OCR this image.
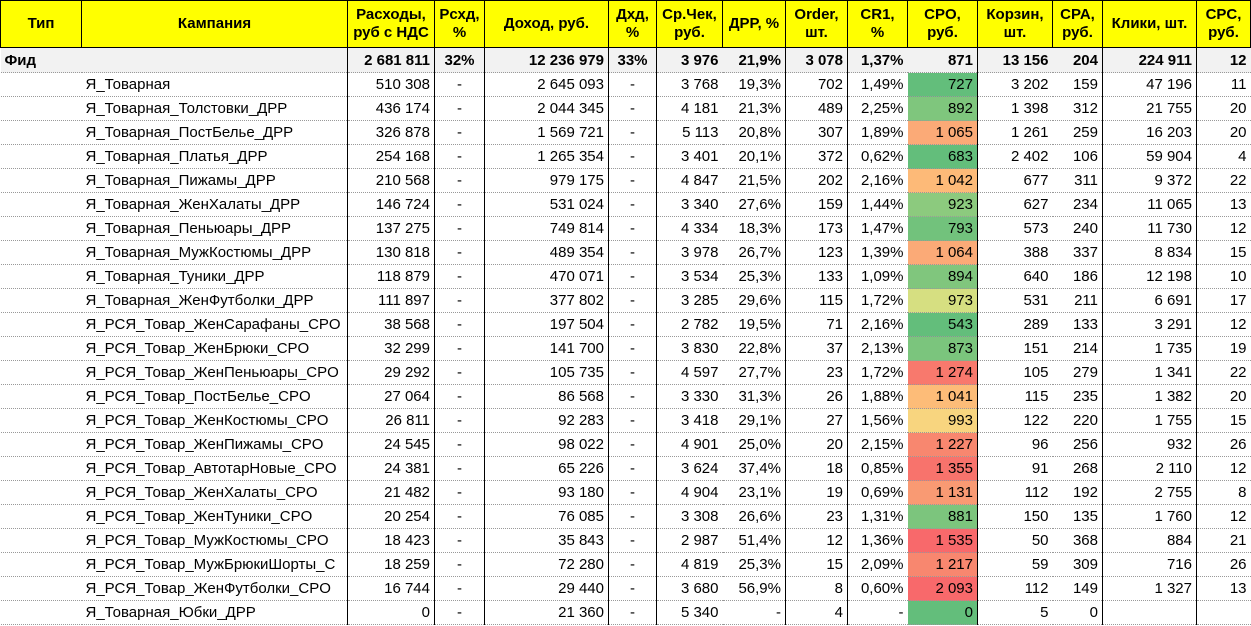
Тип	Кампания	Расходы, руб с НДС	Рсхд, %	Доход, руб.	Дхд, %	Ср.Чек, руб.	ДРР, %	Order, шт.	CR1, %	CPO, руб.	Корзин, шт.	CPA, руб.	Клики, шт.	CPC, руб.
Фид		2 681 811	32%	12 236 979	33%	3 976	21,9%	3 078	1,37%	871	13 156	204	224 911	12
	Я_Товарная	510 308	-	2 645 093	-	3 768	19,3%	702	1,49%	727	3 202	159	47 196	11
	Я_Товарная_Толстовки_ДРР	436 174	-	2 044 345	-	4 181	21,3%	489	2,25%	892	1 398	312	21 755	20
	Я_Товарная_ПостБелье_ДРР	326 878	-	1 569 721	-	5 113	20,8%	307	1,89%	1 065	1 261	259	16 203	20
	Я_Товарная_Платья_ДРР	254 168	-	1 265 354	-	3 401	20,1%	372	0,62%	683	2 402	106	59 904	4
	Я_Товарная_Пижамы_ДРР	210 568	-	979 175	-	4 847	21,5%	202	2,16%	1 042	677	311	9 372	22
	Я_Товарная_ЖенХалаты_ДРР	146 724	-	531 024	-	3 340	27,6%	159	1,44%	923	627	234	11 065	13
	Я_Товарная_Пеньюары_ДРР	137 275	-	749 814	-	4 334	18,3%	173	1,47%	793	573	240	11 730	12
	Я_Товарная_МужКостюмы_ДРР	130 818	-	489 354	-	3 978	26,7%	123	1,39%	1 064	388	337	8 834	15
	Я_Товарная_Туники_ДРР	118 879	-	470 071	-	3 534	25,3%	133	1,09%	894	640	186	12 198	10
	Я_Товарная_ЖенФутболки_ДРР	111 897	-	377 802	-	3 285	29,6%	115	1,72%	973	531	211	6 691	17
	Я_РСЯ_Товар_ЖенСарафаны_CPO	38 568	-	197 504	-	2 782	19,5%	71	2,16%	543	289	133	3 291	12
	Я_РСЯ_Товар_ЖенБрюки_CPO	32 299	-	141 700	-	3 830	22,8%	37	2,13%	873	151	214	1 735	19
	Я_РСЯ_Товар_ЖенПеньюары_CPO	29 292	-	105 735	-	4 597	27,7%	23	1,72%	1 274	105	279	1 341	22
	Я_РСЯ_Товар_ПостБелье_CPO	27 064	-	86 568	-	3 330	31,3%	26	1,88%	1 041	115	235	1 382	20
	Я_РСЯ_Товар_ЖенКостюмы_CPO	26 811	-	92 283	-	3 418	29,1%	27	1,56%	993	122	220	1 755	15
	Я_РСЯ_Товар_ЖенПижамы_CPO	24 545	-	98 022	-	4 901	25,0%	20	2,15%	1 227	96	256	932	26
	Я_РСЯ_Товар_АвтотарНовые_CPO	24 381	-	65 226	-	3 624	37,4%	18	0,85%	1 355	91	268	2 110	12
	Я_РСЯ_Товар_ЖенХалаты_CPO	21 482	-	93 180	-	4 904	23,1%	19	0,69%	1 131	112	192	2 755	8
	Я_РСЯ_Товар_ЖенТуники_CPO	20 254	-	76 085	-	3 308	26,6%	23	1,31%	881	150	135	1 760	12
	Я_РСЯ_Товар_МужКостюмы_CPO	18 423	-	35 843	-	2 987	51,4%	12	1,36%	1 535	50	368	884	21
	Я_РСЯ_Товар_МужБрюкиШорты_C	18 259	-	72 280	-	4 819	25,3%	15	2,09%	1 217	59	309	716	26
	Я_РСЯ_Товар_ЖенФутболки_CPO	16 744	-	29 440	-	3 680	56,9%	8	0,60%	2 093	112	149	1 327	13
	Я_Товарная_Юбки_ДРР	0	-	21 360	-	5 340	-	4	-	0	5	0		
